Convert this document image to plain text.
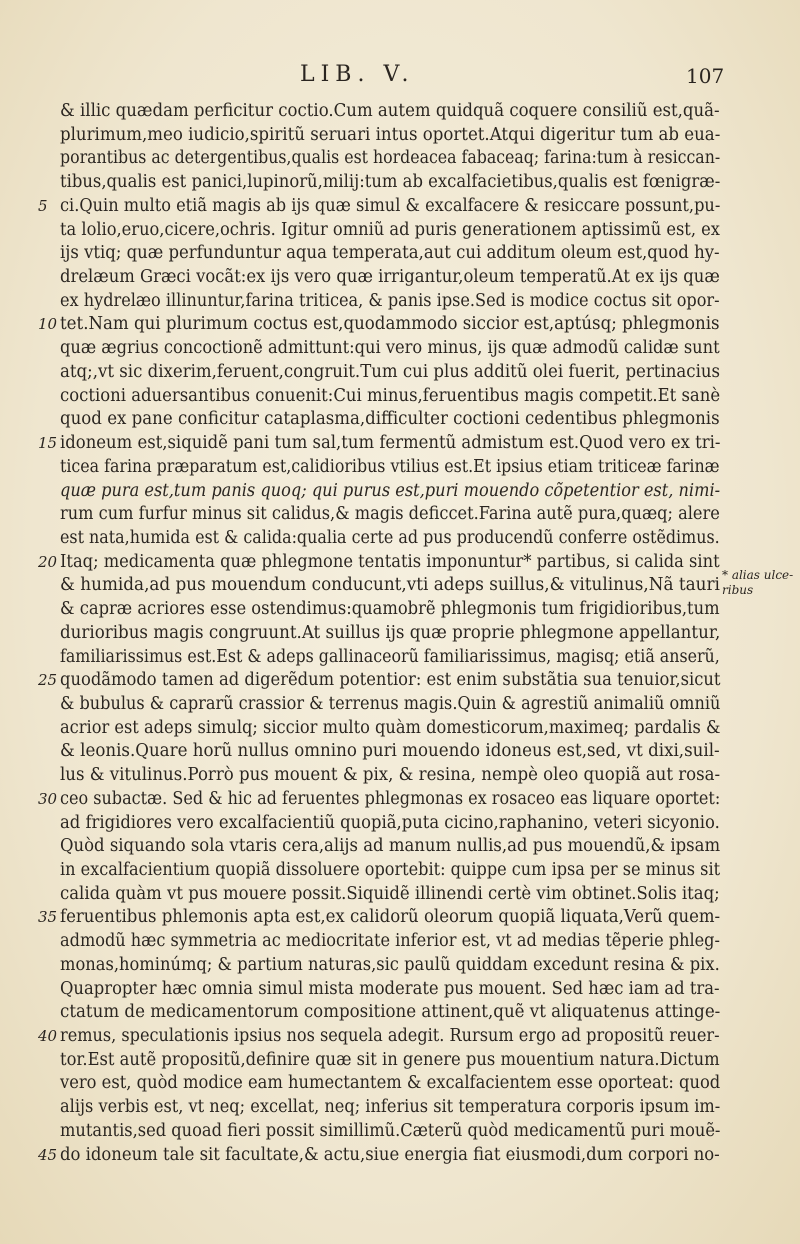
LIB. V.	107
& illic quædam perficitur coctio.Cum autem quidquã coquere consiliũ est,quã-
plurimum,meo iudicio,spiritũ seruari intus oportet.Atqui digeritur tum ab eua-
porantibus ac detergentibus,qualis est hordeacea fabaceaq; farina:tum à resiccan-
tibus,qualis est panici,lupinorũ,milij:tum ab excalfacietibus,qualis est fœnigræ-
5 ci.Quin multo etiã magis ab ijs quæ simul & excalfacere & resiccare possunt,pu-
ta lolio,eruo,cicere,ochris. Igitur omniũ ad puris generationem aptissimũ est, ex
ijs vtiq; quæ perfunduntur aqua temperata,aut cui additum oleum est,quod hy-
drelæum Græci vocãt:ex ijs vero quæ irrigantur,oleum temperatũ.At ex ijs quæ
ex hydrelæo illinuntur,farina triticea, & panis ipse.Sed is modice coctus sit opor-
10 tet.Nam qui plurimum coctus est,quodammodo siccior est,aptúsq; phlegmonis
quæ ægrius concoctionẽ admittunt:qui vero minus, ijs quæ admodũ calidæ sunt
atq;,vt sic dixerim,feruent,congruit.Tum cui plus additũ olei fuerit, pertinacius
coctioni aduersantibus conuenit:Cui minus,feruentibus magis competit.Et sanè
quod ex pane conficitur cataplasma,difficulter coctioni cedentibus phlegmonis
15 idoneum est,siquidẽ pani tum sal,tum fermentũ admistum est.Quod vero ex tri-
ticea farina præparatum est,calidioribus vtilius est.Et ipsius etiam triticeæ farinæ
quæ pura est,tum panis quoq; qui purus est,puri mouendo cõpetentior est, nimi-
rum cum furfur minus sit calidus,& magis deficcet.Farina autẽ pura,quæq; alere
est nata,humida est & calida:qualia certe ad pus producendũ conferre ostẽdimus.
20 Itaq; medicamenta quæ phlegmone tentatis imponuntur* partibus, si calida sint
& humida,ad pus mouendum conducunt,vti adeps suillus,& vitulinus,Nã tauri
& capræ acriores esse ostendimus:quamobrẽ phlegmonis tum frigidioribus,tum
durioribus magis congruunt.At suillus ijs quæ proprie phlegmone appellantur,
familiarissimus est.Est & adeps gallinaceorũ familiarissimus, magisq; etiã anserũ,
25 quodãmodo tamen ad digerẽdum potentior: est enim substãtia sua tenuior,sicut
& bubulus & caprarũ crassior & terrenus magis.Quin & agrestiũ animaliũ omniũ
acrior est adeps simulq; siccior multo quàm domesticorum,maximeq; pardalis &
& leonis.Quare horũ nullus omnino puri mouendo idoneus est,sed, vt dixi,suil-
lus & vitulinus.Porrò pus mouent & pix, & resina, nempè oleo quopiã aut rosa-
30 ceo subactæ. Sed & hic ad feruentes phlegmonas ex rosaceo eas liquare oportet:
ad frigidiores vero excalfacientiũ quopiã,puta cicino,raphanino, veteri sicyonio.
Quòd siquando sola vtaris cera,alijs ad manum nullis,ad pus mouendũ,& ipsam
in excalfacientium quopiã dissoluere oportebit: quippe cum ipsa per se minus sit
calida quàm vt pus mouere possit.Siquidẽ illinendi certè vim obtinet.Solis itaq;
35 feruentibus phlemonis apta est,ex calidorũ oleorum quopiã liquata,Verũ quem-
admodũ hæc symmetria ac mediocritate inferior est, vt ad medias tẽperie phleg-
monas,hominúmq; & partium naturas,sic paulũ quiddam excedunt resina & pix.
Quapropter hæc omnia simul mista moderate pus mouent. Sed hæc iam ad tra-
ctatum de medicamentorum compositione attinent,quẽ vt aliquatenus attinge-
40 remus, speculationis ipsius nos sequela adegit. Rursum ergo ad propositũ reuer-
tor.Est autẽ propositũ,definire quæ sit in genere pus mouentium natura.Dictum
vero est, quòd modice eam humectantem & excalfacientem esse oporteat: quod
alijs verbis est, vt neq; excellat, neq; inferius sit temperatura corporis ipsum im-
mutantis,sed quoad fieri possit simillimũ.Cæterũ quòd medicamentũ puri mouẽ-
45 do idoneum tale sit facultate,& actu,siue energia fiat eiusmodi,dum corpori no-
* alias ulce- ribus
